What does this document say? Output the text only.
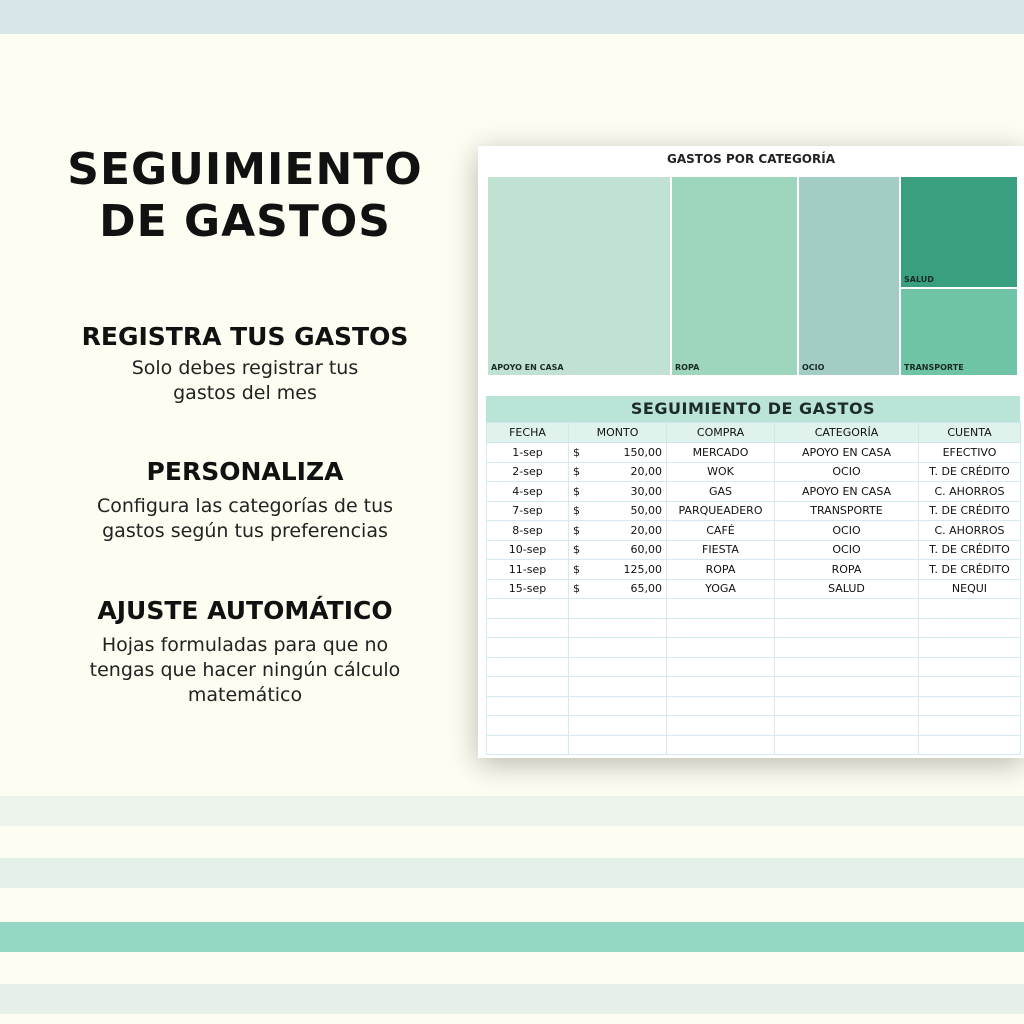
SEGUIMIENTO
DE GASTOS
REGISTRA TUS GASTOS
Solo debes registrar tus
gastos del mes
PERSONALIZA
Configura las categorías de tus
gastos según tus preferencias
AJUSTE AUTOMÁTICO
Hojas formuladas para que no
tengas que hacer ningún cálculo
matemático
GASTOS POR CATEGORÍA
APOYO EN CASA	ROPA	OCIO
SALUD
TRANSPORTE
SEGUIMIENTO DE GASTOS
FECHA	MONTO	COMPRA	CATEGORÍA	CUENTA
1-sep	$ 150,00	MERCADO	APOYO EN CASA	EFECTIVO
2-sep	$ 20,00	WOK	OCIO	T. DE CRÉDITO
4-sep	$ 30,00	GAS	APOYO EN CASA	C. AHORROS
7-sep	$ 50,00	PARQUEADERO	TRANSPORTE	T. DE CRÉDITO
8-sep	$ 20,00	CAFÉ	OCIO	C. AHORROS
10-sep	$ 60,00	FIESTA	OCIO	T. DE CRÉDITO
11-sep	$ 125,00	ROPA	ROPA	T. DE CRÉDITO
15-sep	$ 65,00	YOGA	SALUD	NEQUI
